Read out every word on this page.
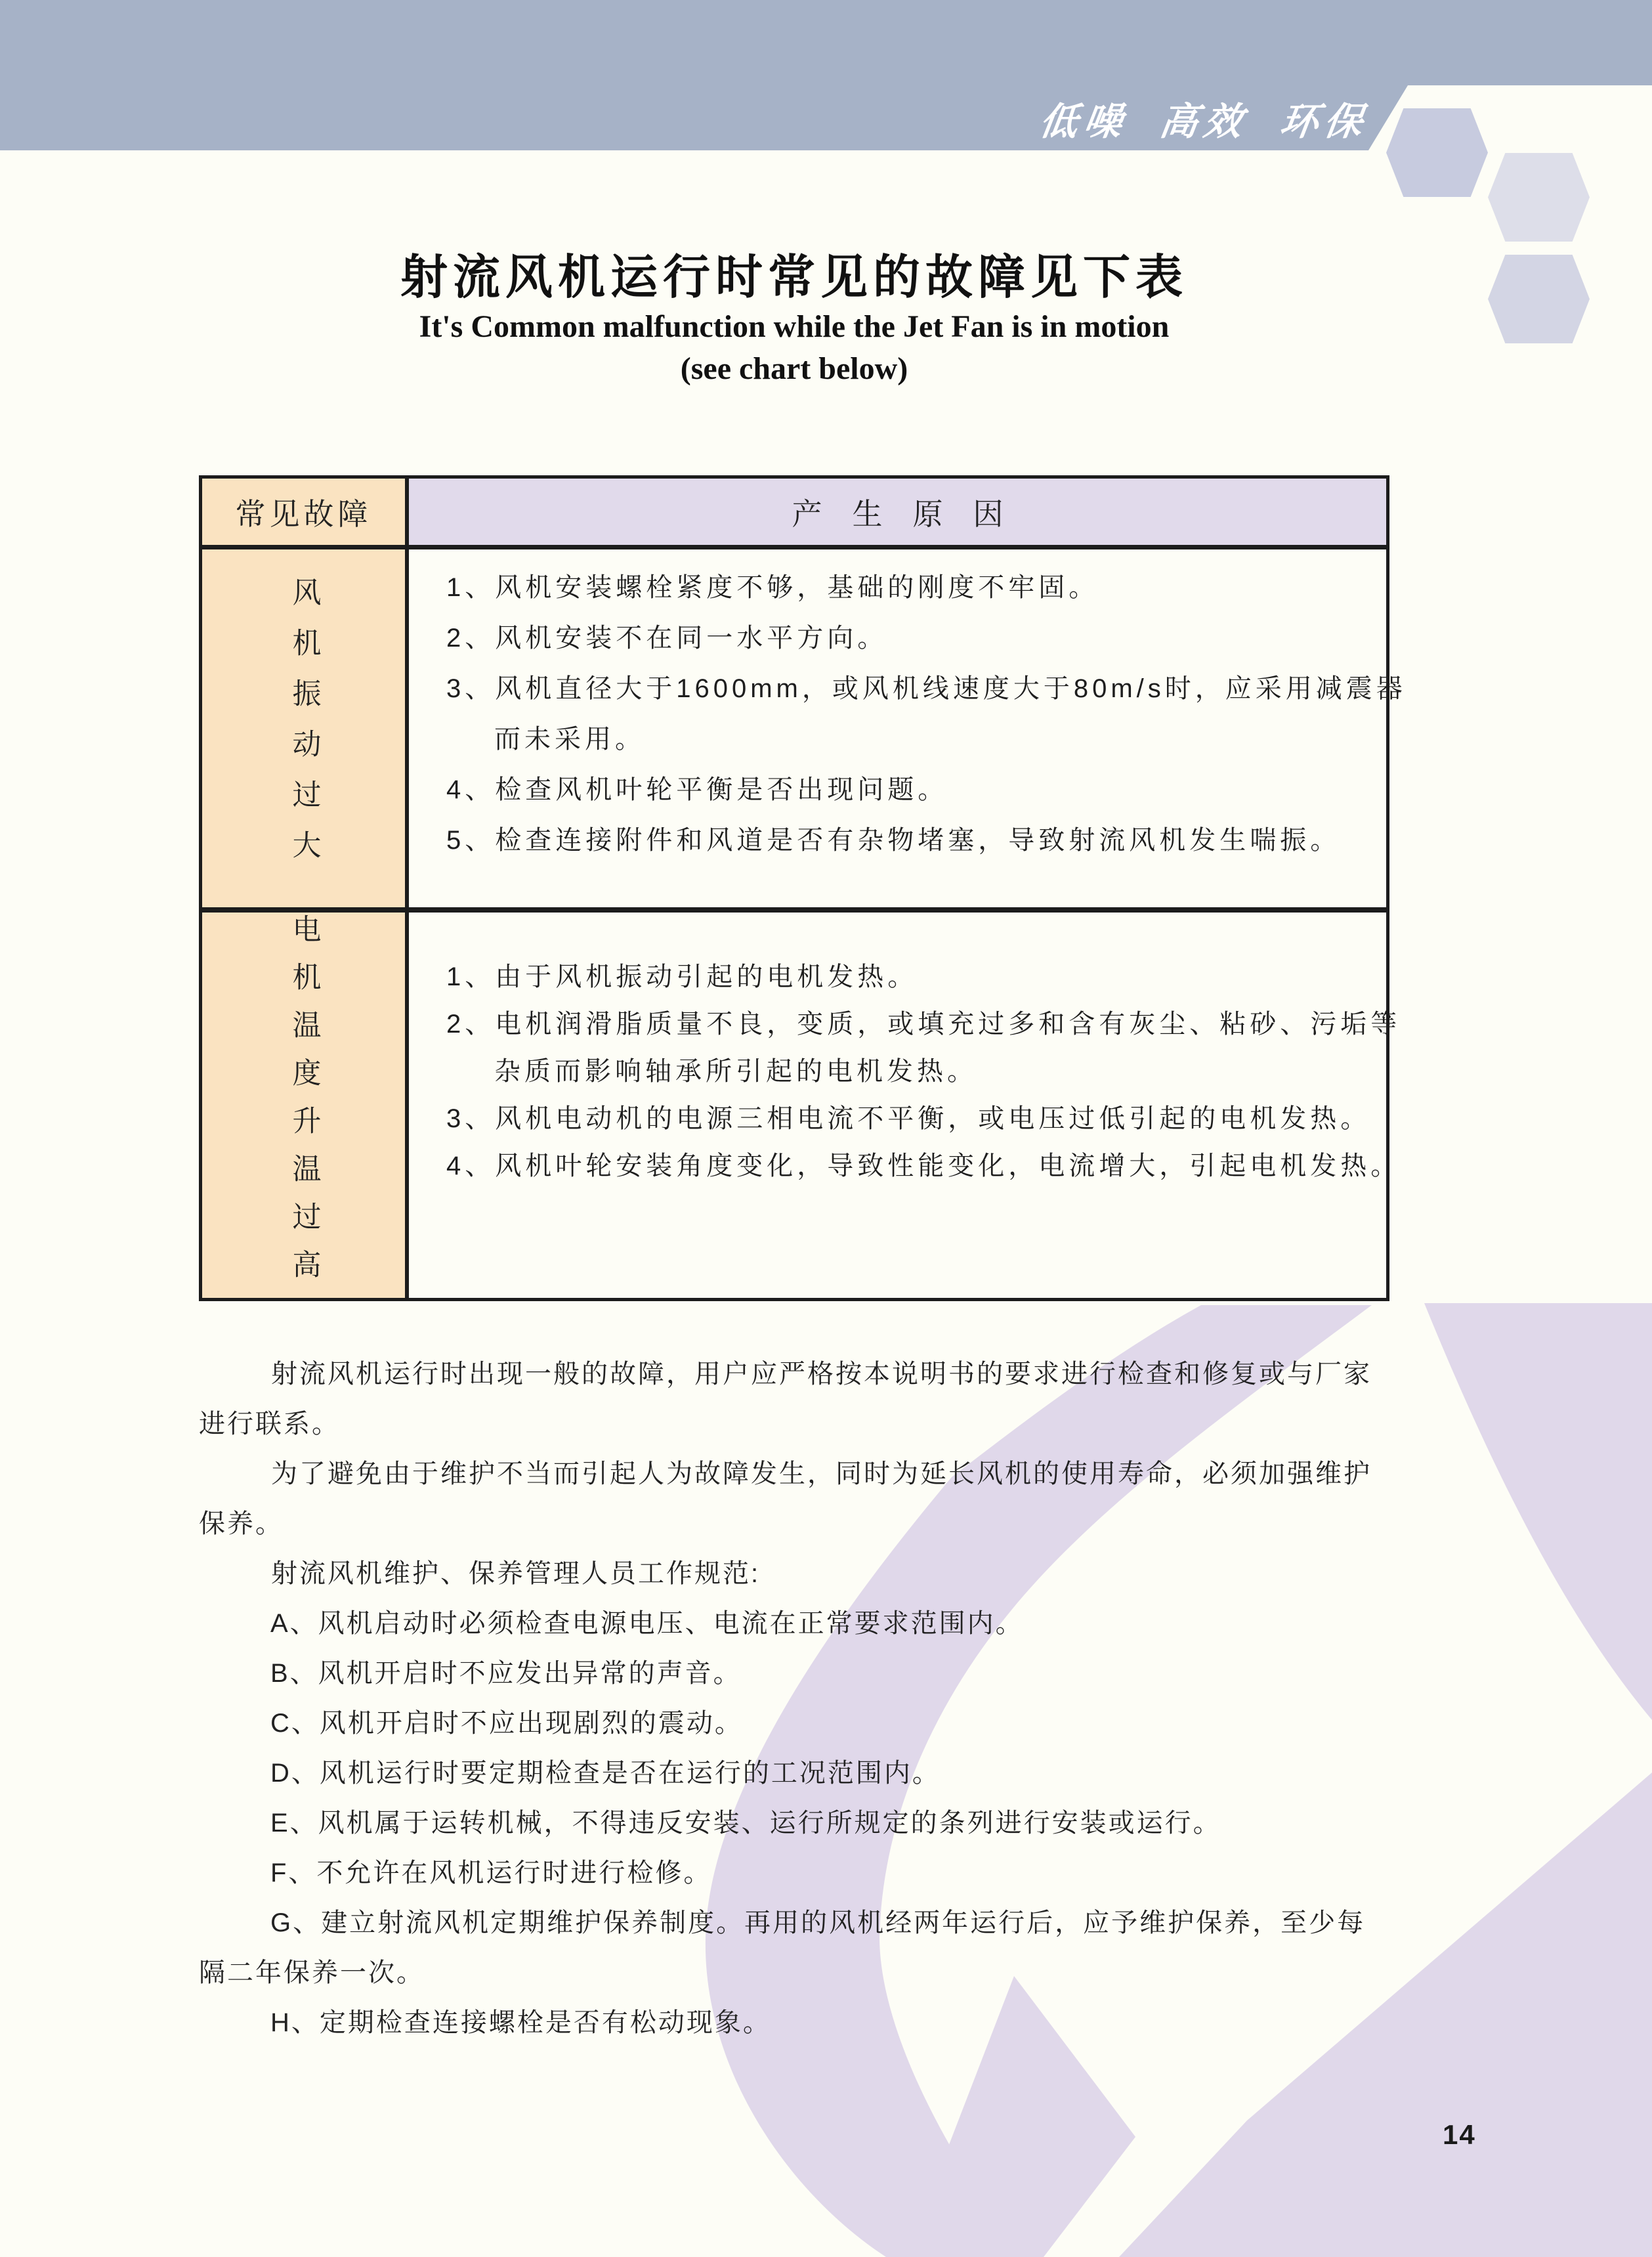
低噪 高效 环保
射流风机运行时常见的故障见下表
It's Common malfunction while the Jet Fan is in motion
(see chart below)
常见故障	产生原因
风机振动过大	1、风机安装螺栓紧度不够，基础的刚度不牢固。
2、风机安装不在同一水平方向。
3、风机直径大于1600mm，或风机线速度大于80m/s时，应采用减震器
而未采用。
4、检查风机叶轮平衡是否出现问题。
5、检查连接附件和风道是否有杂物堵塞，导致射流风机发生喘振。
电机温度升温过高	1、由于风机振动引起的电机发热。
2、电机润滑脂质量不良，变质，或填充过多和含有灰尘、粘砂、污垢等
杂质而影响轴承所引起的电机发热。
3、风机电动机的电源三相电流不平衡，或电压过低引起的电机发热。
4、风机叶轮安装角度变化，导致性能变化，电流增大，引起电机发热。
射流风机运行时出现一般的故障，用户应严格按本说明书的要求进行检查和修复或与厂家
进行联系。
为了避免由于维护不当而引起人为故障发生，同时为延长风机的使用寿命，必须加强维护
保养。
射流风机维护、保养管理人员工作规范:
A、风机启动时必须检查电源电压、电流在正常要求范围内。
B、风机开启时不应发出异常的声音。
C、风机开启时不应出现剧烈的震动。
D、风机运行时要定期检查是否在运行的工况范围内。
E、风机属于运转机械，不得违反安装、运行所规定的条列进行安装或运行。
F、不允许在风机运行时进行检修。
G、建立射流风机定期维护保养制度。再用的风机经两年运行后，应予维护保养，至少每
隔二年保养一次。
H、定期检查连接螺栓是否有松动现象。
14
